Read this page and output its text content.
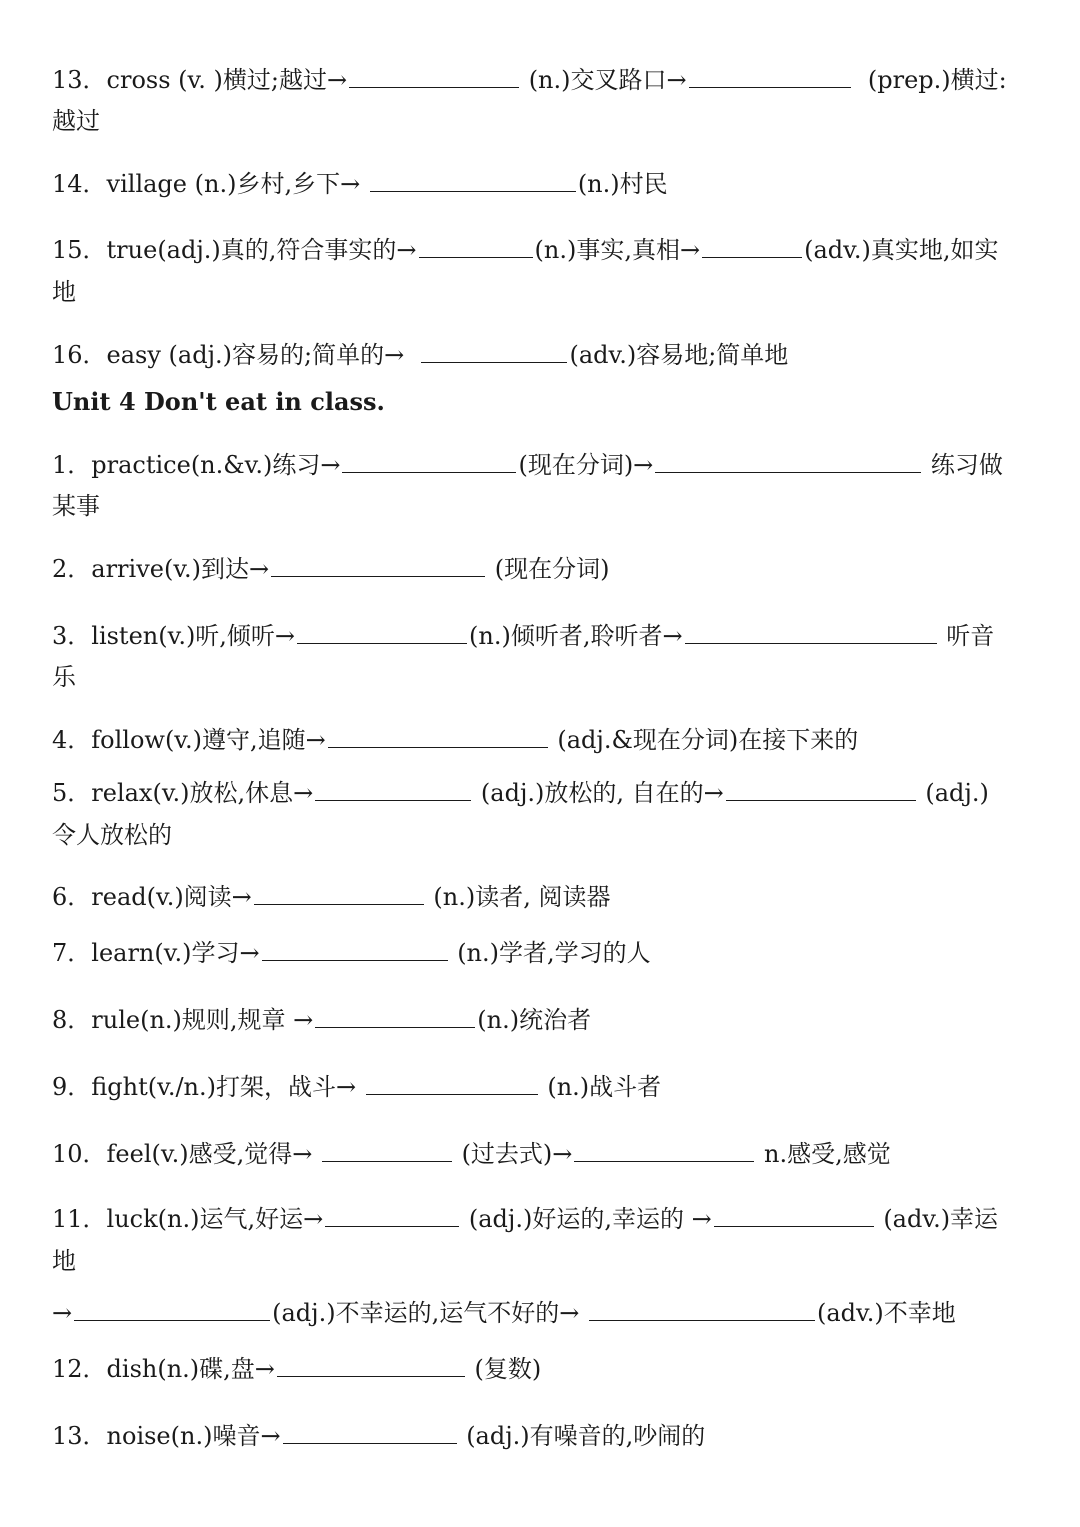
13．cross (v. )横过;越过→	(n.)交叉路口→	(prep.)横过:
越过
14．village (n.)乡村,乡下→	(n.)村民
15．true(adj.)真的,符合事实的→	(n.)事实,真相→	(adv.)真实地,如实
地
16．easy (adj.)容易的;简单的→	(adv.)容易地;简单地
Unit 4 Don't eat in class.
1．practice(n.&v.)练习→	(现在分词)→	练习做
某事
2．arrive(v.)到达→	(现在分词)
3．listen(v.)听,倾听→	(n.)倾听者,聆听者→	听音
乐
4．follow(v.)遵守,追随→	(adj.&现在分词)在接下来的
5．relax(v.)放松,休息→	(adj.)放松的, 自在的→	(adj.)
令人放松的
6．read(v.)阅读→	(n.)读者, 阅读器
7．learn(v.)学习→	(n.)学者,学习的人
8．rule(n.)规则,规章 →	(n.)统治者
9．fight(v./n.)打架，战斗→	(n.)战斗者
10．feel(v.)感受,觉得→	(过去式)→	n.感受,感觉
11．luck(n.)运气,好运→	(adj.)好运的,幸运的 →	(adv.)幸运
地
→	(adj.)不幸运的,运气不好的→	(adv.)不幸地
12．dish(n.)碟,盘→	(复数)
13．noise(n.)噪音→	(adj.)有噪音的,吵闹的
